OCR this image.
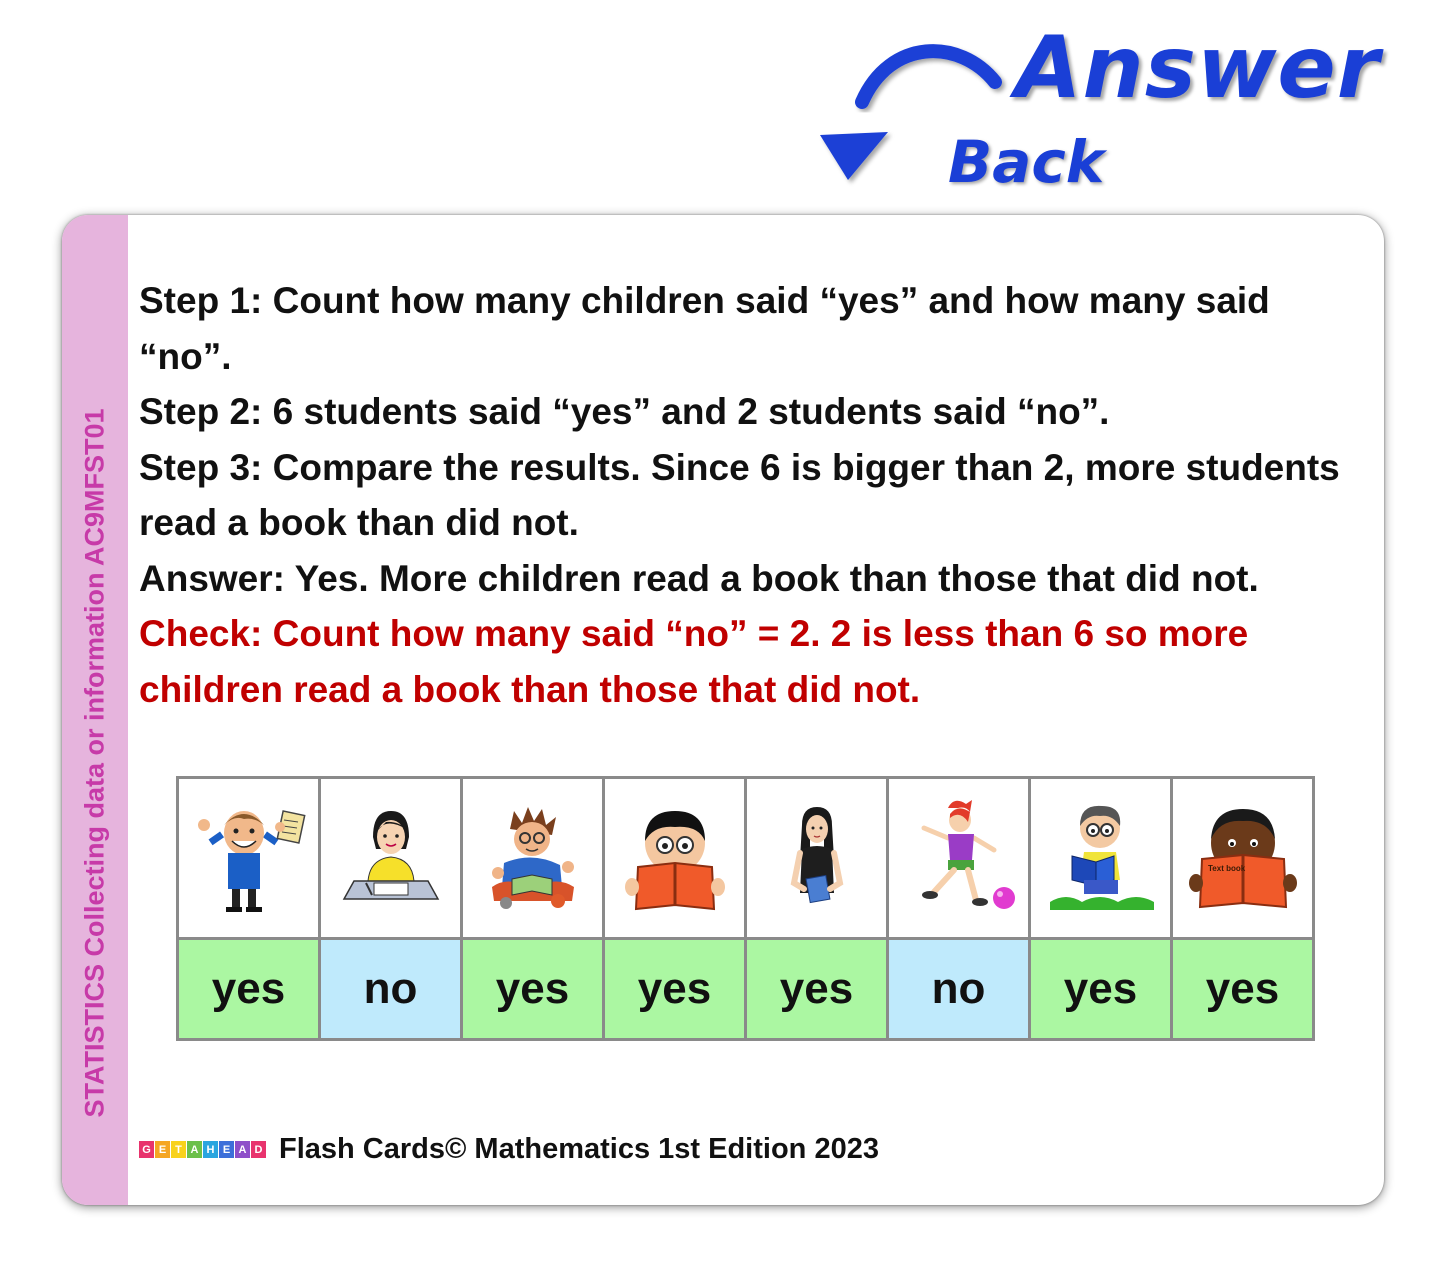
Answer
Back
STATISTICS Collecting data or information AC9MFST01

Step 1: Count how many children said “yes” and how many said “no”.

Step 2: 6 students said “yes” and 2 students said “no”.

Step 3: Compare the results. Since 6 is bigger than 2, more students read a book than did not.

Answer: Yes. More children read a book than those that did not.

Check: Count how many said “no” = 2. 2 is less than 6 so more children read a book than those that did not.

Text book

yes	no	yes	yes	yes	no	yes	yes
G E T A H E A D Flash Cards© Mathematics 1st Edition 2023
